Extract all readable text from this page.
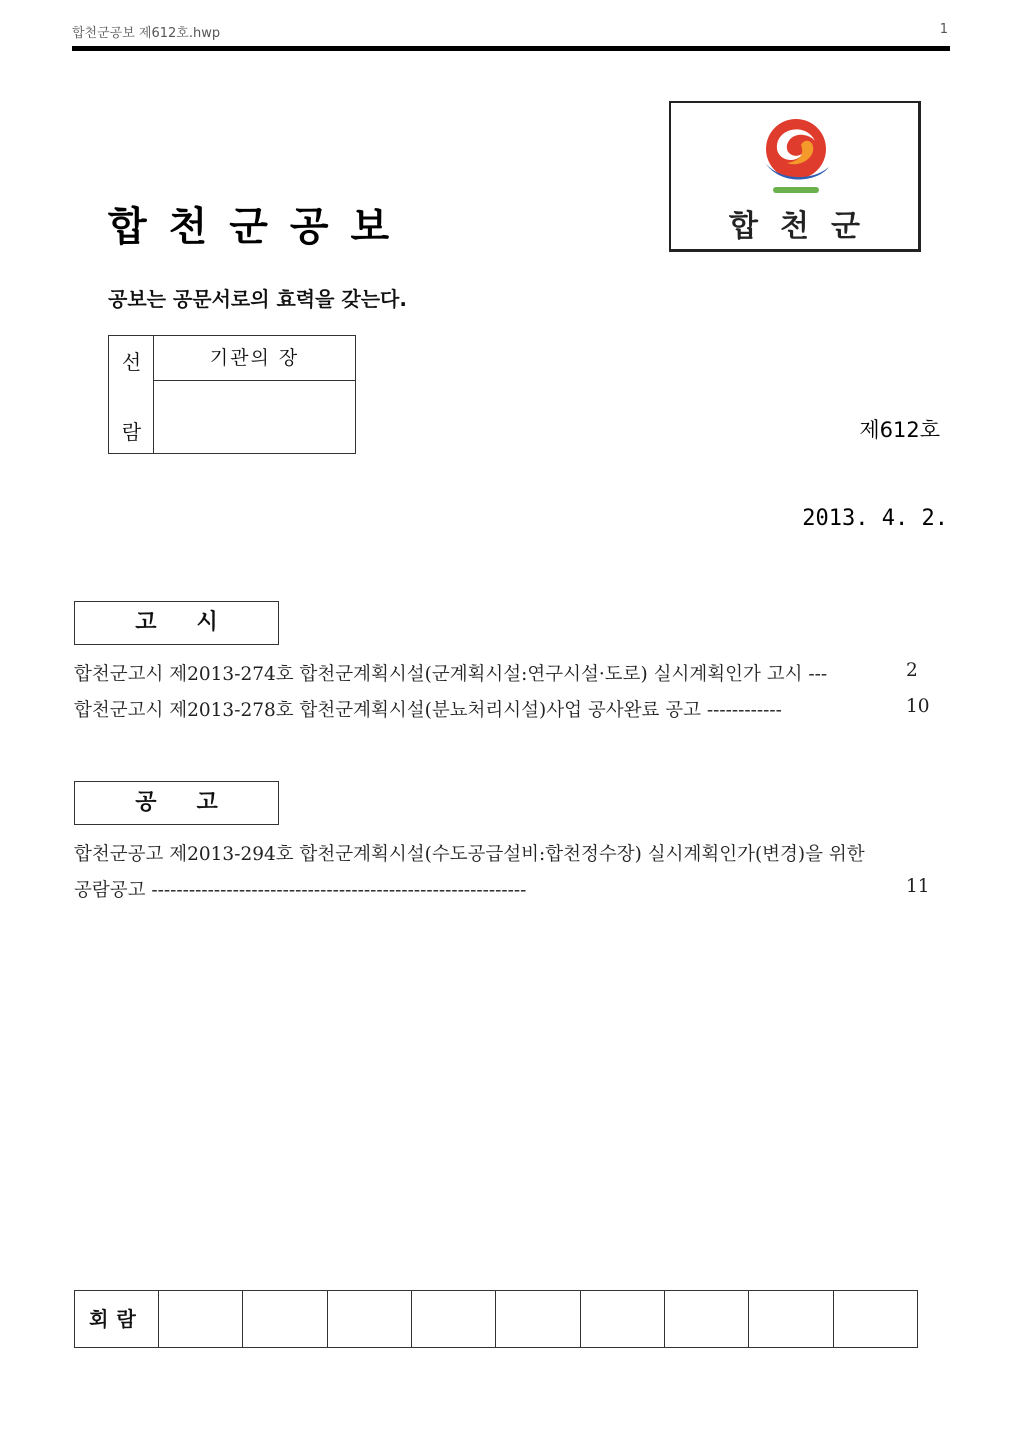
합천군공보 제612호.hwp	1
합천군공보
공보는 공문서로의 효력을 갖는다.
합천군
선
람
기관의 장
제612호
2013. 4. 2.
고시
합천군고시 제2013-274호 합천군계획시설(군계획시설:연구시설·도로) 실시계획인가 고시 ---	2
합천군고시 제2013-278호 합천군계획시설(분뇨처리시설)사업 공사완료 공고 ------------	10
공고
합천군공고 제2013-294호 합천군계획시설(수도공급설비:합천정수장) 실시계획인가(변경)을 위한
공람공고 ------------------------------------------------------------	11
회람
